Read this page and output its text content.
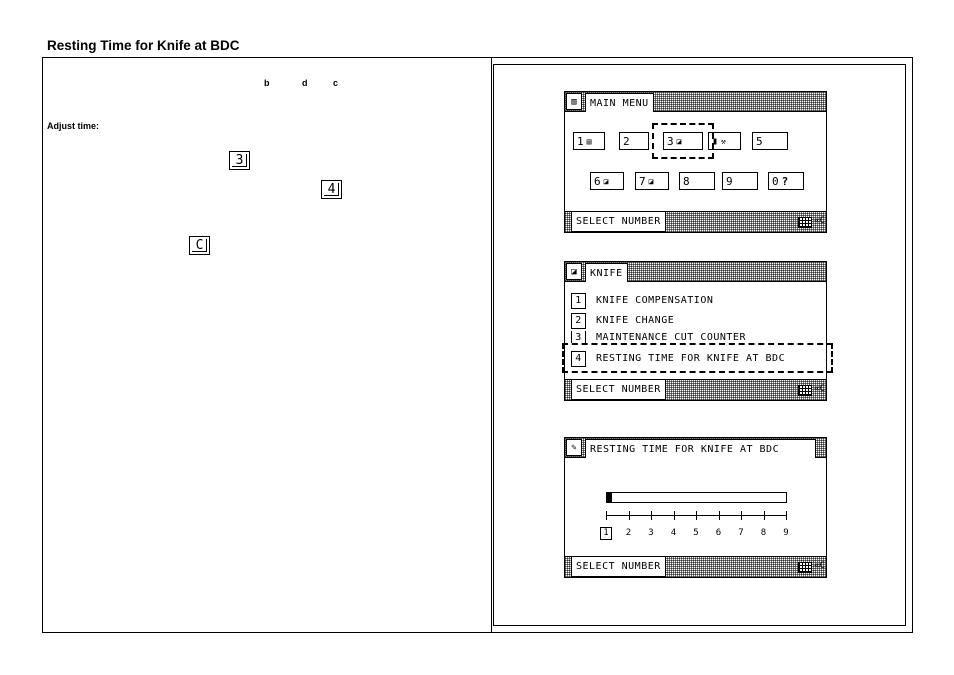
Resting Time for Knife at BDC
b	d	c
Adjust time:
3
4
C
▥	MAIN MENU
1 ▤	2	3 ◪	▮ ⚒	5
6 ◪	7 ◪	8	9	0 ?
SELECT NUMBER	«C
◪	KNIFE
1	KNIFE COMPENSATION
2	KNIFE CHANGE
3	MAINTENANCE CUT COUNTER
4	RESTING TIME FOR KNIFE AT BDC
SELECT NUMBER	«C
✎	RESTING TIME FOR KNIFE AT BDC
1	2	3	4	5	6	7	8	9
SELECT NUMBER	«C
